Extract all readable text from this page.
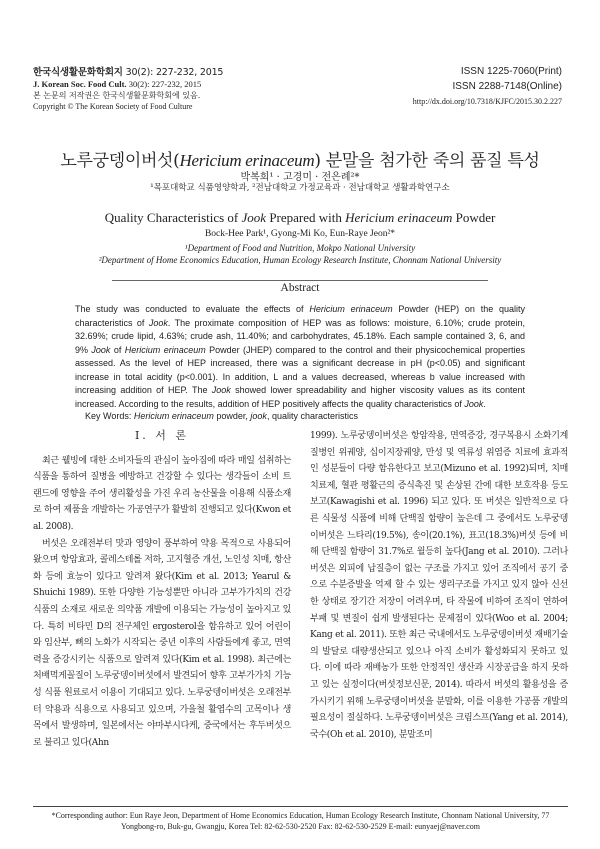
한국식생활문화학회지 30(2): 227-232, 2015
J. Korean Soc. Food Cult. 30(2): 227-232, 2015
본 논문의 저작권은 한국식생활문화학회에 있음.
Copyright © The Korean Society of Food Culture
ISSN 1225-7060(Print)
ISSN 2288-7148(Online)
http://dx.doi.org/10.7318/KJFC/2015.30.2.227
노루궁뎅이버섯(Hericium erinaceum) 분말을 첨가한 죽의 품질 특성
박복희¹ · 고경미 · 전은례²*
¹목포대학교 식품영양학과, ²전남대학교 가정교육과 · 전남대학교 생활과학연구소
Quality Characteristics of Jook Prepared with Hericium erinaceum Powder
Bock-Hee Park¹, Gyong-Mi Ko, Eun-Raye Jeon²*
¹Department of Food and Nutrition, Mokpo National University
²Department of Home Economics Education, Human Ecology Research Institute, Chonnam National University
Abstract

The study was conducted to evaluate the effects of Hericium erinaceum Powder (HEP) on the quality characteristics of Jook. The proximate composition of HEP was as follows: moisture, 6.10%; crude protein, 32.69%; crude lipid, 4.63%; crude ash, 11.40%; and carbohydrates, 45.18%. Each sample contained 3, 6, and 9% Jook of Hericium erinaceum Powder (JHEP) compared to the control and their physicochemical properties assessed. As the level of HEP increased, there was a significant decrease in pH (p<0.05) and significant increase in total acidity (p<0.001). In addition, L and a values decreased, whereas b value increased with increasing addition of HEP. The Jook showed lower spreadability and higher viscosity values as its content increased. According to the results, addition of HEP positively affects the quality characteristics of Jook.

Key Words: Hericium erinaceum powder, jook, quality characteristics
Ⅰ. 서 론

최근 웰빙에 대한 소비자들의 관심이 높아짐에 따라 매일 섭취하는 식품을 통하여 질병을 예방하고 건강할 수 있다는 생각들이 소비 트랜드에 영향을 주어 생리활성을 가진 우리 농산물을 이용해 식품소재로 하여 제품을 개발하는 가공연구가 활발히 진행되고 있다(Kwon et al. 2008).

버섯은 오래전부터 맛과 영양이 풍부하여 약용 목적으로 사용되어 왔으며 항암효과, 콜레스테롤 저하, 고지혈증 개선, 노인성 치매, 항산화 등에 효능이 있다고 알려져 왔다(Kim et al. 2013; Yearul & Shuichi 1989). 또한 다양한 기능성뿐만 아니라 고부가가치의 건강식품의 소재로 새로운 의약품 개발에 이용되는 가능성이 높아지고 있다. 특히 비타민 D의 전구체인 ergosterol을 함유하고 있어 어린이와 임산부, 뼈의 노화가 시작되는 중년 이후의 사람들에게 좋고, 면역력을 증강시키는 식품으로 알려져 있다(Kim et al. 1998). 최근에는 처배먹게꼴질이 노루궁뎅이버섯에서 발견되어 향후 고부가가치 기능성 식품 원료로서 이용이 기대되고 있다. 노루궁뎅이버섯은 오래전부터 약용과 식용으로 사용되고 있으며, 가을철 활엽수의 고목이나 생목에서 발생하며, 일본에서는 야마부시다케, 중국에서는 후두버섯으로 불리고 있다(Ahn

1999). 노루궁뎅이버섯은 항암작용, 면역증강, 경구복용시 소화기계 질병인 위궤양, 십이지장궤양, 만성 및 역류성 위염증 치료에 효과적인 성분들이 다량 함유한다고 보고(Mizuno et al. 1992)되며, 치매치료제, 혈관 평활근의 증식촉진 및 손상된 간에 대한 보호작용 등도 보고(Kawagishi et al. 1996) 되고 있다. 또 버섯은 일반적으로 다른 식물성 식품에 비해 단백질 함량이 높은데 그 중에서도 노루궁뎅이버섯은 느타리(19.5%), 송이(20.1%), 표고(18.3%)버섯 등에 비해 단백질 함량이 31.7%로 월등히 높다(Jang et al. 2010). 그러나 버섯은 외피에 납질층이 없는 구조를 가지고 있어 조직에서 공기 중으로 수분증발을 억제 할 수 있는 생리구조를 가지고 있지 않아 신선한 상태로 장기간 저장이 어려우며, 타 작물에 비하여 조직이 연하여 부패 및 변질이 쉽게 발생된다는 문제점이 있다(Woo et al. 2004; Kang et al. 2011). 또한 최근 국내에서도 노루궁뎅이버섯 재배기술의 발달로 대량생산되고 있으나 아직 소비가 활성화되지 못하고 있다. 이에 따라 재배농가 또한 안정적인 생산과 시장공급을 하지 못하고 있는 실정이다(버섯정보신문, 2014). 따라서 버섯의 활용성을 증가시키기 위해 노루궁뎅이버섯을 분말화, 이를 이용한 가공품 개발의 필요성이 절실하다. 노루궁뎅이버섯은 크림스프(Yang et al. 2014), 국수(Oh et al. 2010), 분말조미

*Corresponding author: Eun Raye Jeon, Department of Home Economics Education, Human Ecology Research Institute, Chonnam National University, 77 Yongbong-ro, Buk-gu, Gwangju, Korea Tel: 82-62-530-2520 Fax: 82-62-530-2529 E-mail: eunyaej@naver.com
